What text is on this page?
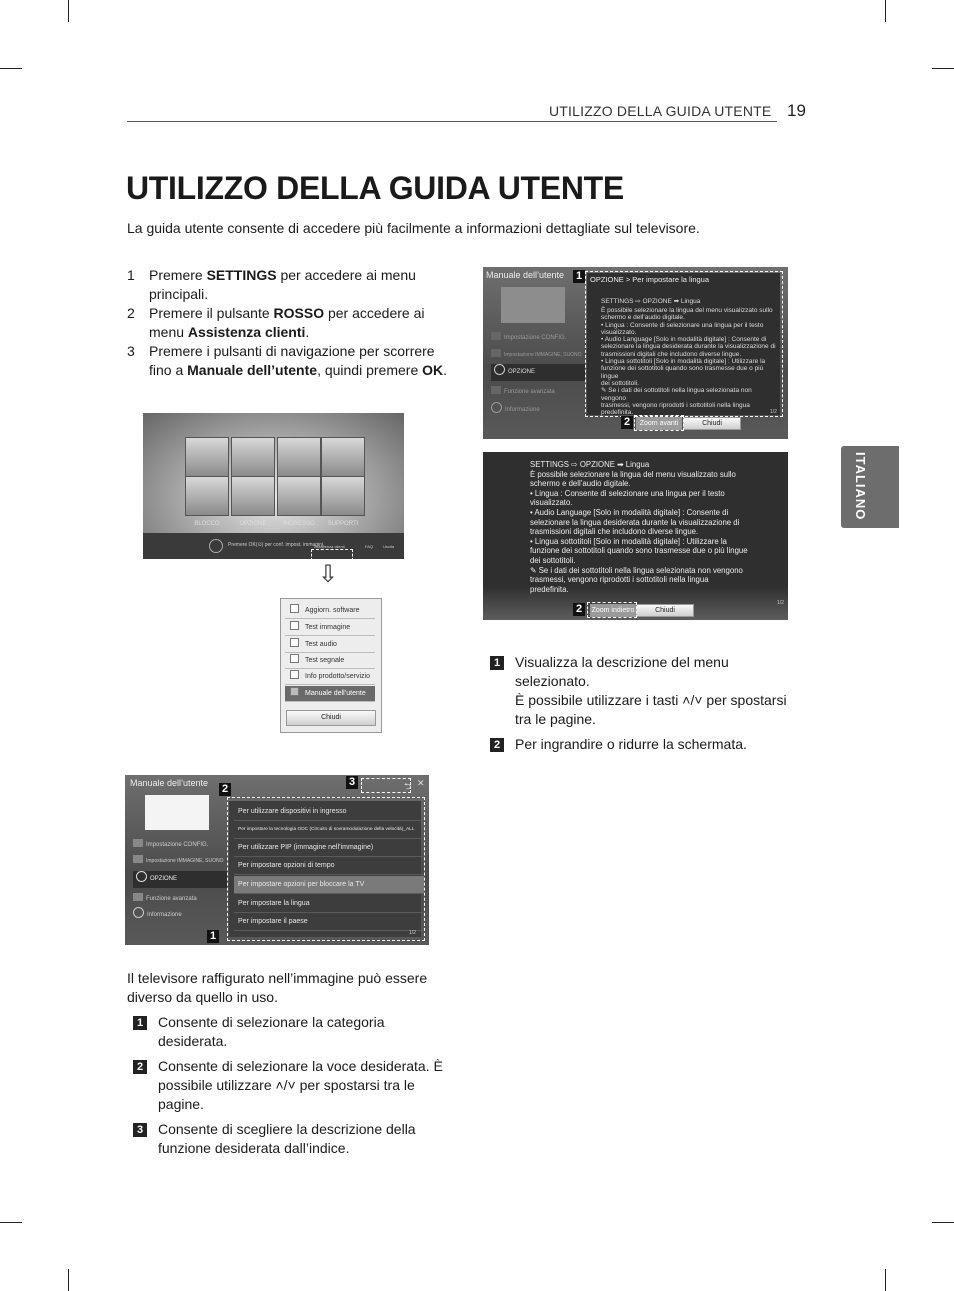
UTILIZZO DELLA GUIDA UTENTE 19
UTILIZZO DELLA GUIDA UTENTE
La guida utente consente di accedere più facilmente a informazioni dettagliate sul televisore.
ITALIANO
1 Premere SETTINGS per accedere ai menu principali.
2 Premere il pulsante ROSSO per accedere ai menu Assistenza clienti.
3 Premere i pulsanti di navigazione per scorrere fino a Manuale dell’utente, quindi premere OK.
BLOCCO	OPZIONE	INGRESSO	SUPPORTI
Premere OK(⊙) per conf. impost. immagini.
Assistenza clienti	FAQ Uscita
⇩
Aggiorn. software
Test immagine
Test audio
Test segnale
Info prodotto/servizio
Manuale dell’utente
Chiudi
Manuale dell’utente
Impostazione CONFIG.
Impostazione IMMAGINE, SUONO
OPZIONE
Funzione avanzata
Informazione
Per utilizzare dispositivi in ingresso
Per impostare la tecnologia ODC (Circuito di sovramodulazione della velocità)_ALL
Per utilizzare PIP (immagine nell’immagine)
Per impostare opzioni di tempo
Per impostare opzioni per bloccare la TV
Per impostare la lingua
Per impostare il paese
1/2
⮌ ✕
2
3
1
Il televisore raffigurato nell’immagine può essere diverso da quello in uso.
1 Consente di selezionare la categoria desiderata.
2 Consente di selezionare la voce desiderata. È possibile utilizzare ˄/˅ per spostarsi tra le pagine.
3 Consente di scegliere la descrizione della funzione desiderata dall’indice.
Manuale dell’utente
Impostazione CONFIG.
Impostazione IMMAGINE, SUONO
OPZIONE
Funzione avanzata
Informazione
OPZIONE > Per impostare la lingua
SETTINGS ⇨ OPZIONE ➡ Lingua
È possibile selezionare la lingua del menu visualizzato sullo
schermo e dell’audio digitale.
• Lingua : Consente di selezionare una lingua per il testo
visualizzato.
• Audio Language [Solo in modalità digitale] : Consente di
selezionare la lingua desiderata durante la visualizzazione di
trasmissioni digitali che includono diverse lingue.
• Lingua sottotitoli [Solo in modalità digitale] : Utilizzare la
funzione dei sottotitoli quando sono trasmesse due o più lingue
dei sottotitoli.
✎ Se i dati dei sottotitoli nella lingua selezionata non vengono
trasmessi, vengono riprodotti i sottotitoli nella lingua
predefinita.	1/2
Zoom avanti	Chiudi
1
2
SETTINGS ⇨ OPZIONE ➡ Lingua
È possibile selezionare la lingua del menu visualizzato sullo
schermo e dell’audio digitale.
• Lingua : Consente di selezionare una lingua per il testo
visualizzato.
• Audio Language [Solo in modalità digitale] : Consente di
selezionare la lingua desiderata durante la visualizzazione di
trasmissioni digitali che includono diverse lingue.
• Lingua sottotitoli [Solo in modalità digitale] : Utilizzare la
funzione dei sottotitoli quando sono trasmesse due o più lingue
dei sottotitoli.
✎ Se i dati dei sottotitoli nella lingua selezionata non vengono
trasmessi, vengono riprodotti i sottotitoli nella lingua
predefinita.
Zoom indietro	Chiudi
1/2
2
1 Visualizza la descrizione del menu
selezionato.
È possibile utilizzare i tasti ˄/˅ per spostarsi
tra le pagine.
2 Per ingrandire o ridurre la schermata.
